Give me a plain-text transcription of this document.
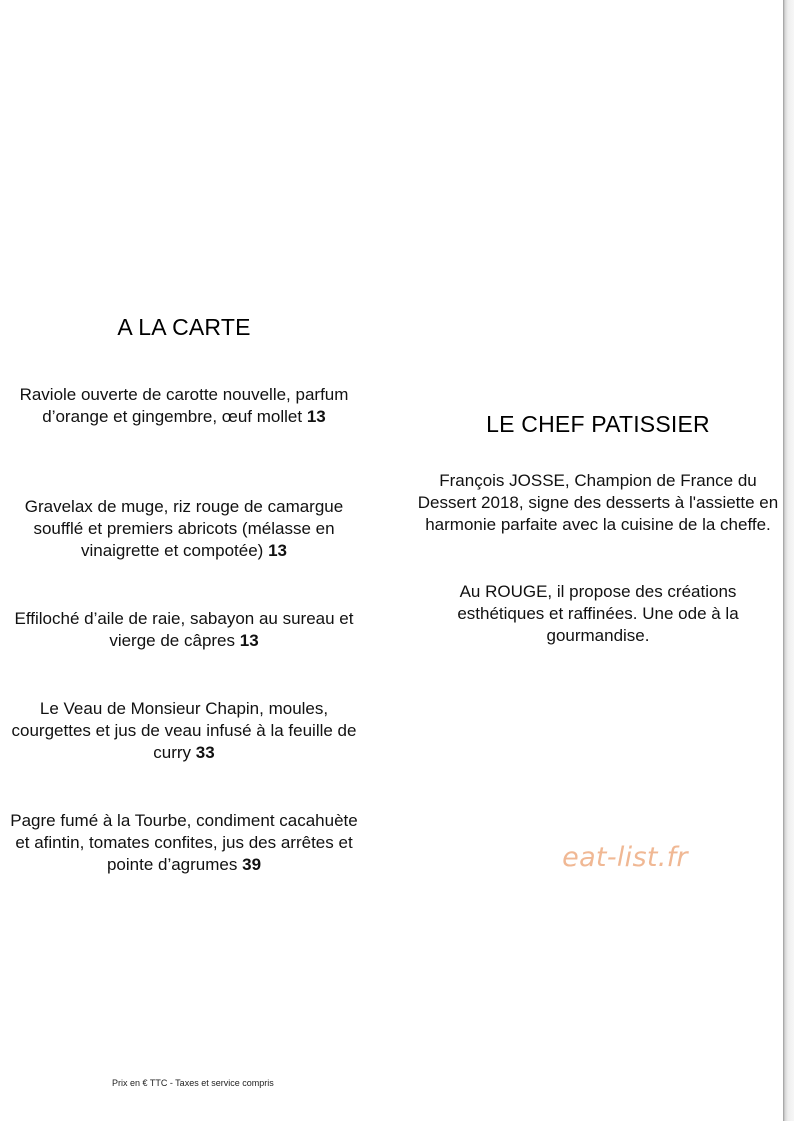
A LA CARTE

Raviole ouverte de carotte nouvelle, parfum d’orange et gingembre, œuf mollet 13

Gravelax de muge, riz rouge de camargue soufflé et premiers abricots (mélasse en vinaigrette et compotée) 13

Effiloché d’aile de raie, sabayon au sureau et vierge de câpres 13

Le Veau de Monsieur Chapin, moules, courgettes et jus de veau infusé à la feuille de curry 33

Pagre fumé à la Tourbe, condiment cacahuète et afintin, tomates confites, jus des arrêtes et pointe d’agrumes 39

LE CHEF PATISSIER

François JOSSE, Champion de France du Dessert 2018, signe des desserts à l'assiette en harmonie parfaite avec la cuisine de la cheffe.

Au ROUGE, il propose des créations esthétiques et raffinées. Une ode à la gourmandise.

eat-list.fr
Prix en € TTC - Taxes et service compris
